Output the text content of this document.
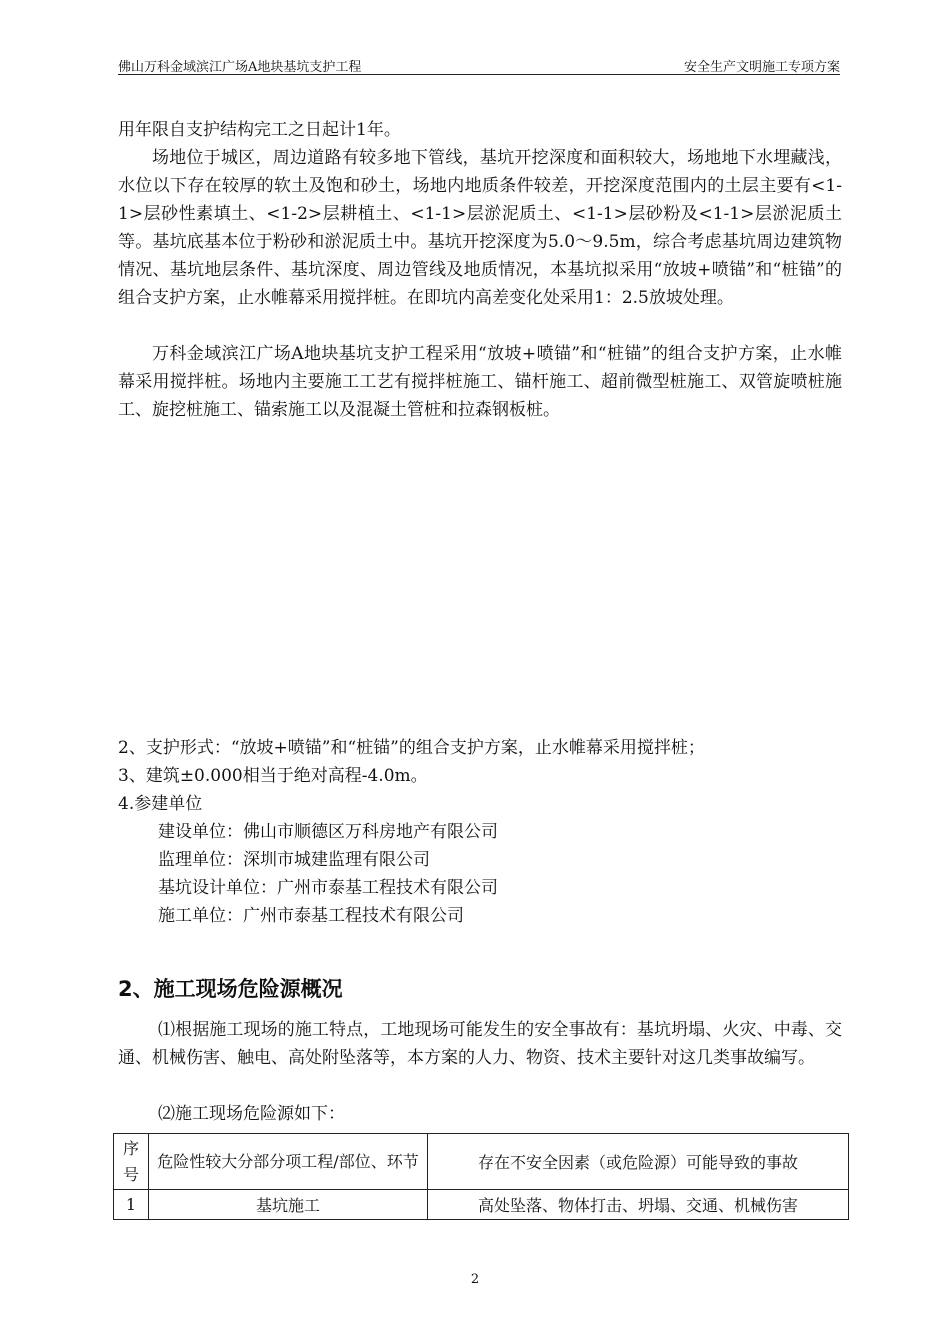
佛山万科金域滨江广场A地块基坑支护工程	安全生产文明施工专项方案

用年限自支护结构完工之日起计1年。

场地位于城区，周边道路有较多地下管线，基坑开挖深度和面积较大，场地地下水埋藏浅，水位以下存在较厚的软土及饱和砂土，场地内地质条件较差，开挖深度范围内的土层主要有<1-1>层砂性素填土、<1-2>层耕植土、<1-1>层淤泥质土、<1-1>层砂粉及<1-1>层淤泥质土等。基坑底基本位于粉砂和淤泥质土中。基坑开挖深度为5.0～9.5m，综合考虑基坑周边建筑物情况、基坑地层条件、基坑深度、周边管线及地质情况，本基坑拟采用“放坡+喷锚”和“桩锚”的组合支护方案，止水帷幕采用搅拌桩。在即坑内高差变化处采用1：2.5放坡处理。

万科金域滨江广场A地块基坑支护工程采用“放坡+喷锚”和“桩锚”的组合支护方案，止水帷幕采用搅拌桩。场地内主要施工工艺有搅拌桩施工、锚杆施工、超前微型桩施工、双管旋喷桩施工、旋挖桩施工、锚索施工以及混凝土管桩和拉森钢板桩。

2、支护形式：“放坡+喷锚”和“桩锚”的组合支护方案，止水帷幕采用搅拌桩；

3、建筑±0.000相当于绝对高程-4.0m。

4.参建单位

建设单位：佛山市顺德区万科房地产有限公司

监理单位：深圳市城建监理有限公司

基坑设计单位：广州市泰基工程技术有限公司

施工单位：广州市泰基工程技术有限公司

2、施工现场危险源概况

⑴根据施工现场的施工特点，工地现场可能发生的安全事故有：基坑坍塌、火灾、中毒、交通、机械伤害、触电、高处附坠落等，本方案的人力、物资、技术主要针对这几类事故编写。

⑵施工现场危险源如下：

序号	危险性较大分部分项工程/部位、环节	存在不安全因素（或危险源）可能导致的事故
1	基坑施工	高处坠落、物体打击、坍塌、交通、机械伤害
2
